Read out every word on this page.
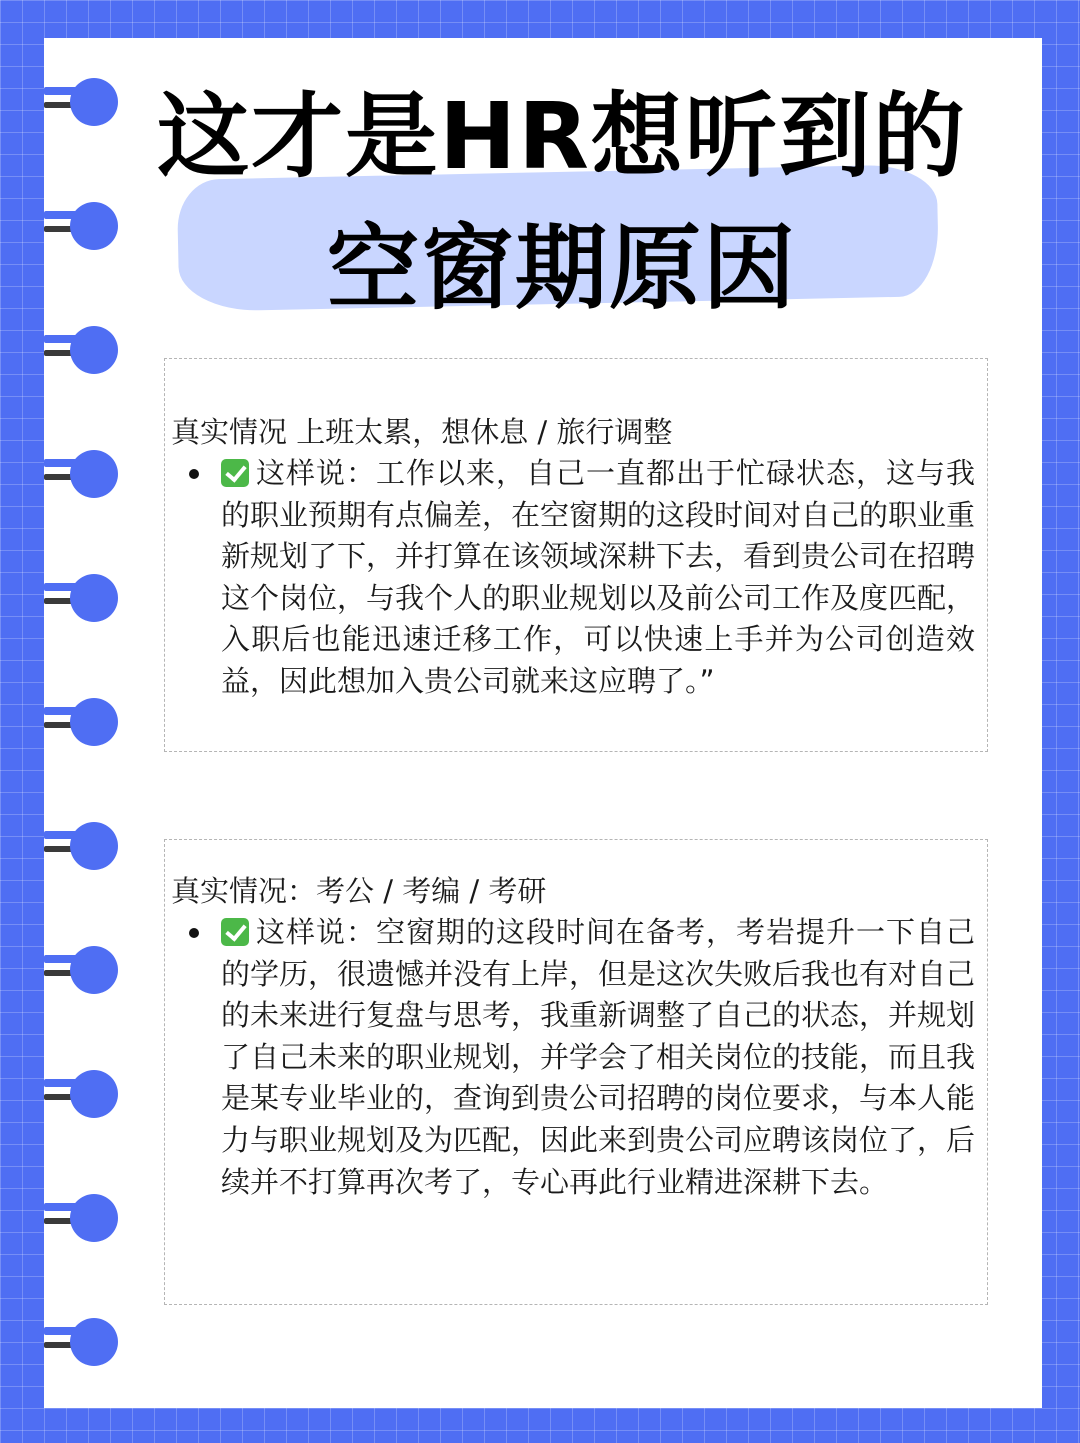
这才是HR想听到的
空窗期原因
真实情况 上班太累，想休息 / 旅行调整
这样说：工作以来，自己一直都出于忙碌状态，这与我的职业预期有点偏差，在空窗期的这段时间对自己的职业重新规划了下，并打算在该领域深耕下去，看到贵公司在招聘这个岗位，与我个人的职业规划以及前公司工作及度匹配，入职后也能迅速迁移工作，可以快速上手并为公司创造效益，因此想加入贵公司就来这应聘了。”
真实情况：考公 / 考编 / 考研
这样说：空窗期的这段时间在备考，考岩提升一下自己的学历，很遗憾并没有上岸，但是这次失败后我也有对自己的未来进行复盘与思考，我重新调整了自己的状态，并规划了自己未来的职业规划，并学会了相关岗位的技能，而且我是某专业毕业的，查询到贵公司招聘的岗位要求，与本人能力与职业规划及为匹配，因此来到贵公司应聘该岗位了，后续并不打算再次考了，专心再此行业精进深耕下去。
